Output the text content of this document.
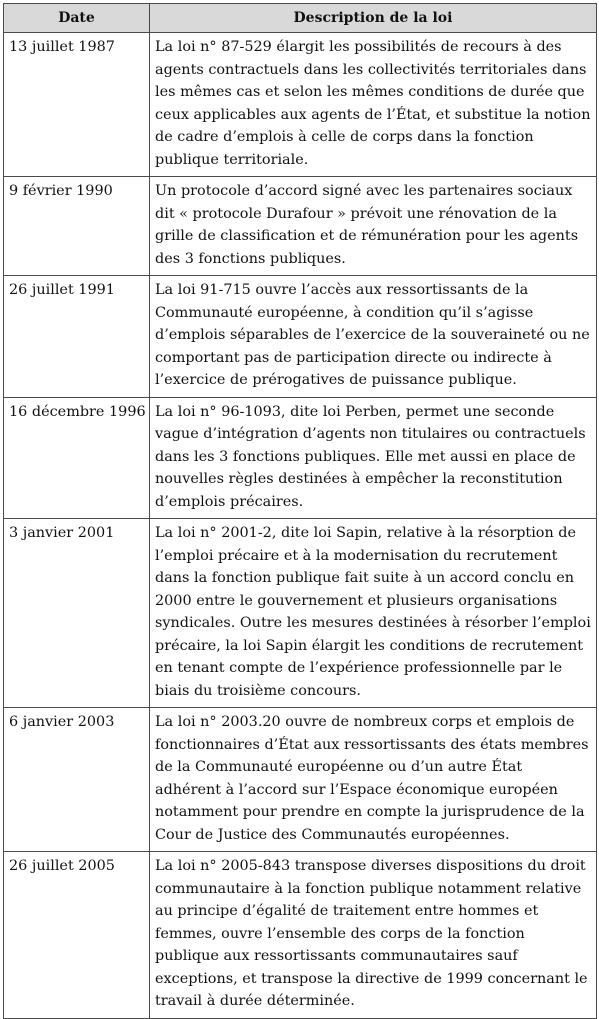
Date	Description de la loi
13 juillet 1987	La loi n° 87-529 élargit les possibilités de recours à des agents contractuels dans les collectivités territoriales dans les mêmes cas et selon les mêmes conditions de durée que ceux applicables aux agents de l’État, et substitue la notion de cadre d’emplois à celle de corps dans la fonction publique territoriale.
9 février 1990	Un protocole d’accord signé avec les partenaires sociaux dit « protocole Durafour » prévoit une rénovation de la grille de classification et de rémunération pour les agents des 3 fonctions publiques.
26 juillet 1991	La loi 91-715 ouvre l’accès aux ressortissants de la Communauté européenne, à condition qu’il s’agisse d’emplois séparables de l’exercice de la souveraineté ou ne comportant pas de participation directe ou indirecte à l’exercice de prérogatives de puissance publique.
16 décembre 1996	La loi n° 96-1093, dite loi Perben, permet une seconde vague d’intégration d’agents non titulaires ou contractuels dans les 3 fonctions publiques. Elle met aussi en place de nouvelles règles destinées à empêcher la reconstitution d’emplois précaires.
3 janvier 2001	La loi n° 2001-2, dite loi Sapin, relative à la résorption de l’emploi précaire et à la modernisation du recrutement dans la fonction publique fait suite à un accord conclu en 2000 entre le gouvernement et plusieurs organisations syndicales. Outre les mesures destinées à résorber l’emploi précaire, la loi Sapin élargit les conditions de recrutement en tenant compte de l’expérience professionnelle par le biais du troisième concours.
6 janvier 2003	La loi n° 2003.20 ouvre de nombreux corps et emplois de fonctionnaires d’État aux ressortissants des états membres de la Communauté européenne ou d’un autre État adhérent à l’accord sur l’Espace économique européen notamment pour prendre en compte la jurisprudence de la Cour de Justice des Communautés européennes.
26 juillet 2005	La loi n° 2005-843 transpose diverses dispositions du droit communautaire à la fonction publique notamment relative au principe d’égalité de traitement entre hommes et femmes, ouvre l’ensemble des corps de la fonction publique aux ressortissants communautaires sauf exceptions, et transpose la directive de 1999 concernant le travail à durée déterminée.
